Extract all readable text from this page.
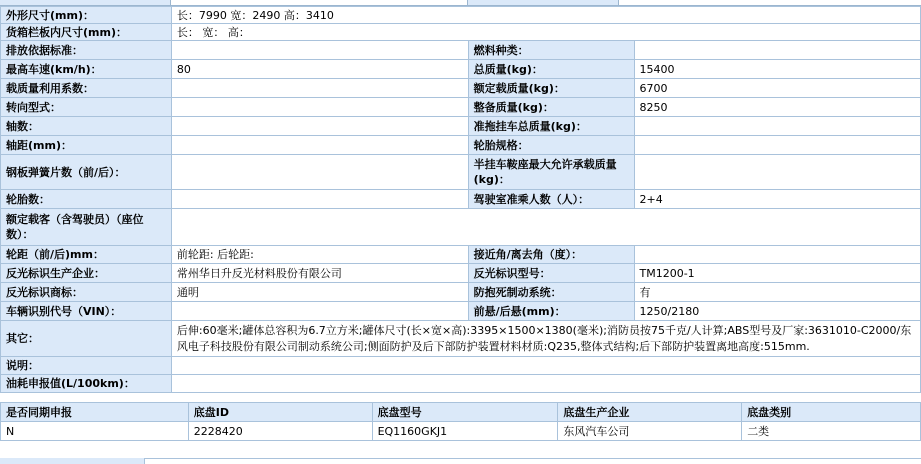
外形尺寸(mm)：	长：7990 宽：2490 高：3410		
货箱栏板内尺寸(mm)：	长： 宽： 高：		
排放依据标准：		燃料种类：	
最高车速(km/h)：	80	总质量(kg)：	15400
载质量利用系数：		额定载质量(kg)：	6700
转向型式：		整备质量(kg)：	8250
轴数：		准拖挂车总质量(kg)：	
轴距(mm)：		轮胎规格：	
钢板弹簧片数（前/后）：		半挂车鞍座最大允许承载质量(kg)：	
轮胎数：		驾驶室准乘人数（人）：	2+4
额定载客（含驾驶员）（座位数）：			
轮距（前/后)mm：	前轮距: 后轮距:	接近角/离去角（度）：	
反光标识生产企业：	常州华日升反光材料股份有限公司	反光标识型号：	TM1200-1
反光标识商标：	通明	防抱死制动系统：	有
车辆识别代号（VIN）：		前悬/后悬(mm)：	1250/2180
其它：	后伸:60毫米;罐体总容积为6.7立方米;罐体尺寸(长×宽×高):3395×1500×1380(毫米);消防员按75千克/人计算;ABS型号及厂家:3631010-C2000/东风电子科技股份有限公司制动系统公司;侧面防护及后下部防护装置材料材质:Q235,整体式结构;后下部防护装置离地高度:515mm.		
说明：			
油耗申报值(L/100km)：			
是否同期申报	底盘ID	底盘型号	底盘生产企业	底盘类别
N	2228420	EQ1160GKJ1	东风汽车公司	二类
